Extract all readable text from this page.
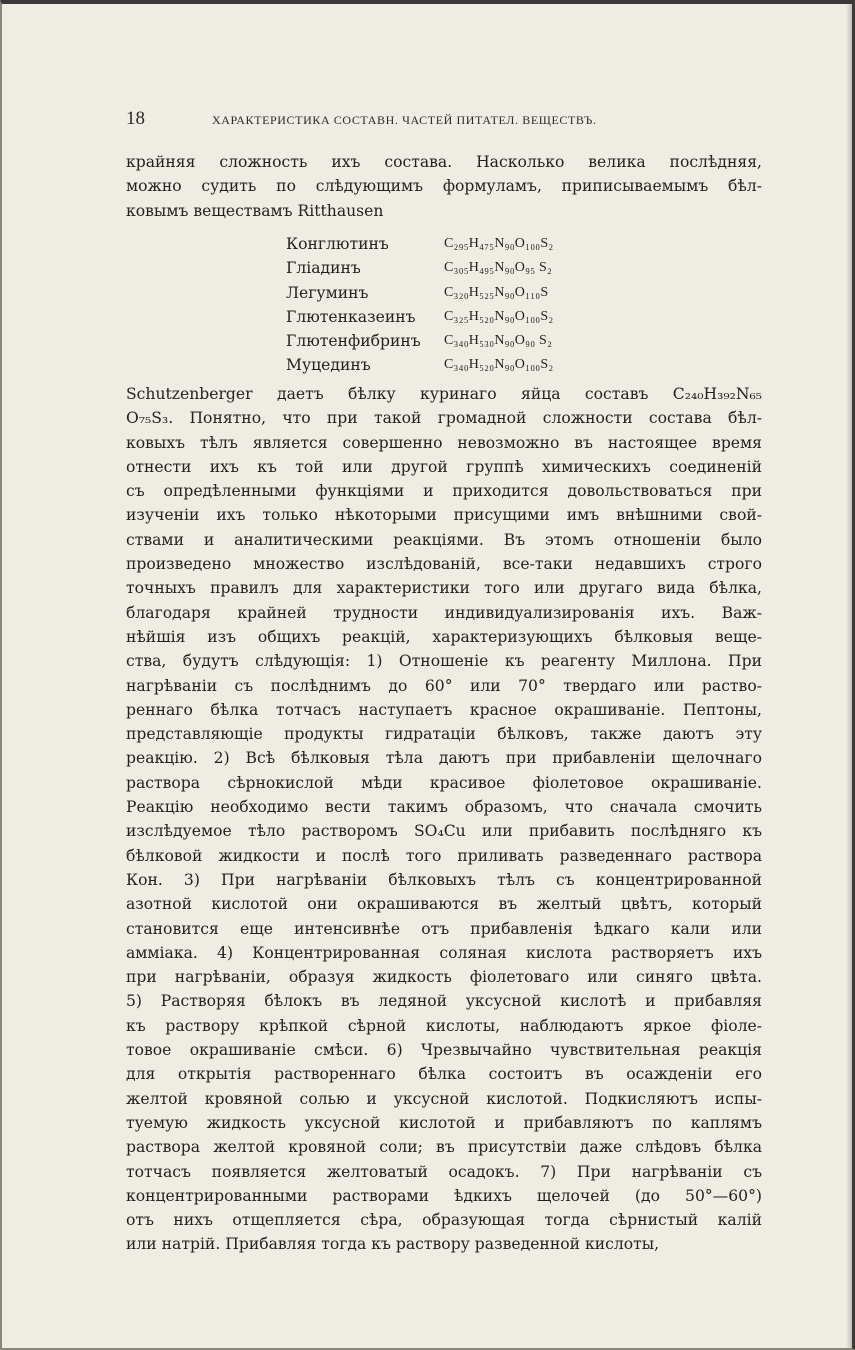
18	ХАРАКТЕРИСТИКА СОСТАВН. ЧАСТЕЙ ПИТАТЕЛ. ВЕЩЕСТВЪ.
крайняя сложность ихъ состава. Насколько велика послѣдняя,
можно судить по слѣдующимъ формуламъ, приписываемымъ бѣл-
ковымъ веществамъ Ritthausen
Конглютинъ	C₂₉₅H₄₇₅N₉₀O₁₀₀S₂
Гліадинъ	C₃₀₅H₄₉₅N₉₀O₉₅ S₂
Легуминъ	C₃₂₀H₅₂₅N₉₀O₁₁₀S
Глютенказеинъ	C₃₂₅H₅₂₀N₉₀O₁₀₀S₂
Глютенфибринъ	C₃₄₀H₅₃₀N₉₀O₉₀ S₂
Муцединъ	C₃₄₀H₅₂₀N₉₀O₁₀₀S₂
Schutzenberger даетъ бѣлку куринаго яйца составъ C₂₄₀H₃₉₂N₆₅
O₇₅S₃. Понятно, что при такой громадной сложности состава бѣл-
ковыхъ тѣлъ является совершенно невозможно въ настоящее время
отнести ихъ къ той или другой группѣ химическихъ соединеній
съ опредѣленными функціями и приходится довольствоваться при
изученіи ихъ только нѣкоторыми присущими имъ внѣшними свой-
ствами и аналитическими реакціями. Въ этомъ отношеніи было
произведено множество изслѣдованій, все-таки недавшихъ строго
точныхъ правилъ для характеристики того или другаго вида бѣлка,
благодаря крайней трудности индивидуализированія ихъ. Важ-
нѣйшія изъ общихъ реакцій, характеризующихъ бѣлковыя веще-
ства, будутъ слѣдующія: 1) Отношеніе къ реагенту Миллона. При
нагрѣваніи съ послѣднимъ до 60° или 70° твердаго или раство-
реннаго бѣлка тотчасъ наступаетъ красное окрашиваніе. Пептоны,
представляющіе продукты гидратаціи бѣлковъ, также даютъ эту
реакцію. 2) Всѣ бѣлковыя тѣла даютъ при прибавленіи щелочнаго
раствора сѣрнокислой мѣди красивое фіолетовое окрашиваніе.
Реакцію необходимо вести такимъ образомъ, что сначала смочить
изслѣдуемое тѣло растворомъ SO₄Cu или прибавить послѣдняго къ
бѣлковой жидкости и послѣ того приливать разведеннаго раствора
Кон. 3) При нагрѣваніи бѣлковыхъ тѣлъ съ концентрированной
азотной кислотой они окрашиваются въ желтый цвѣтъ, который
становится еще интенсивнѣе отъ прибавленія ѣдкаго кали или
амміака. 4) Концентрированная соляная кислота растворяетъ ихъ
при нагрѣваніи, образуя жидкость фіолетоваго или синяго цвѣта.
5) Растворяя бѣлокъ въ ледяной уксусной кислотѣ и прибавляя
къ раствору крѣпкой сѣрной кислоты, наблюдаютъ яркое фіоле-
товое окрашиваніе смѣси. 6) Чрезвычайно чувствительная реакція
для открытія раствореннаго бѣлка состоитъ въ осажденіи его
желтой кровяной солью и уксусной кислотой. Подкисляютъ испы-
туемую жидкость уксусной кислотой и прибавляютъ по каплямъ
раствора желтой кровяной соли; въ присутствіи даже слѣдовъ бѣлка
тотчасъ появляется желтоватый осадокъ. 7) При нагрѣваніи съ
концентрированными растворами ѣдкихъ щелочей (до 50°—60°)
отъ нихъ отщепляется сѣра, образующая тогда сѣрнистый калій
или натрій. Прибавляя тогда къ раствору разведенной кислоты,
